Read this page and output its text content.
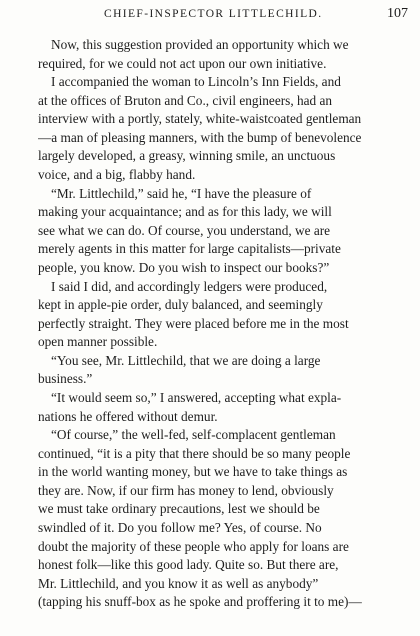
CHIEF-INSPECTOR LITTLECHILD.	107
Now, this suggestion provided an opportunity which we
required, for we could not act upon our own initiative.
I accompanied the woman to Lincoln’s Inn Fields, and
at the offices of Bruton and Co., civil engineers, had an
interview with a portly, stately, white-waistcoated gentleman
—a man of pleasing manners, with the bump of benevolence
largely developed, a greasy, winning smile, an unctuous
voice, and a big, flabby hand.
“Mr. Littlechild,” said he, “I have the pleasure of
making your acquaintance; and as for this lady, we will
see what we can do. Of course, you understand, we are
merely agents in this matter for large capitalists—private
people, you know. Do you wish to inspect our books?”
I said I did, and accordingly ledgers were produced,
kept in apple-pie order, duly balanced, and seemingly
perfectly straight. They were placed before me in the most
open manner possible.
“You see, Mr. Littlechild, that we are doing a large
business.”
“It would seem so,” I answered, accepting what expla-
nations he offered without demur.
“Of course,” the well-fed, self-complacent gentleman
continued, “it is a pity that there should be so many people
in the world wanting money, but we have to take things as
they are. Now, if our firm has money to lend, obviously
we must take ordinary precautions, lest we should be
swindled of it. Do you follow me? Yes, of course. No
doubt the majority of these people who apply for loans are
honest folk—like this good lady. Quite so. But there are,
Mr. Littlechild, and you know it as well as anybody”
(tapping his snuff-box as he spoke and proffering it to me)—
